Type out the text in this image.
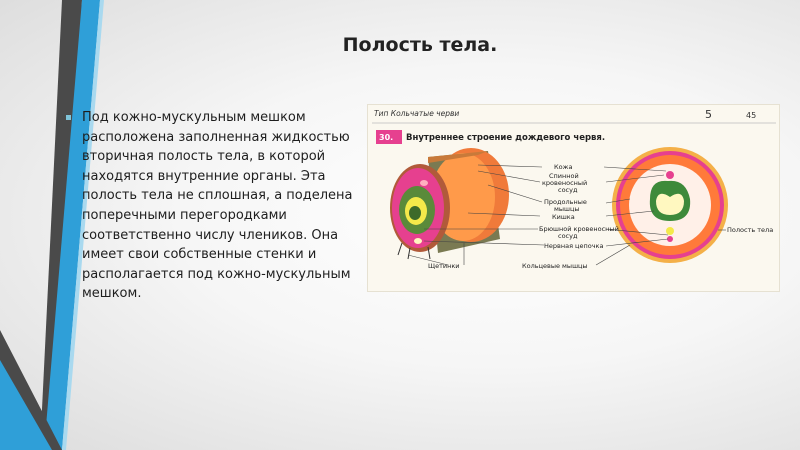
Полость тела.

Под кожно-мускульным мешком расположена заполненная жидкостью вторичная полость тела, в которой находятся внутренние органы. Эта полость тела не сплошная, а поделена поперечными перегородками соответственно числу члеников. Она имеет свои собственные стенки и располагается под кожно-мускульным мешком.

Тип Кольчатые черви	5	45
30. Внутреннее строение дождевого червя.
Кожа
Спинной
кровеносный
сосуд
Продольные
мышцы
Кишка
Брюшной кровеносный
сосуд
Нервная цепочка
Щетинки	Кольцевые мышцы
Полость тела
